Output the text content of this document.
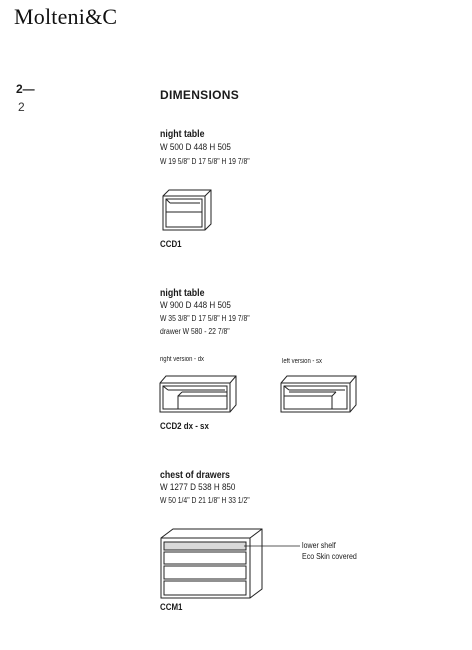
Molteni&C
2—
2
DIMENSIONS
night table
W 500 D 448 H 505
W 19 5/8" D 17 5/8" H 19 7/8"
CCD1
night table
W 900 D 448 H 505
W 35 3/8" D 17 5/8" H 19 7/8"
drawer W 580 - 22 7/8"
right version - dx	left version - sx
CCD2 dx - sx
chest of drawers
W 1277 D 538 H 850
W 50 1/4" D 21 1/8" H 33 1/2"
lower shelf
Eco Skin covered
CCM1
